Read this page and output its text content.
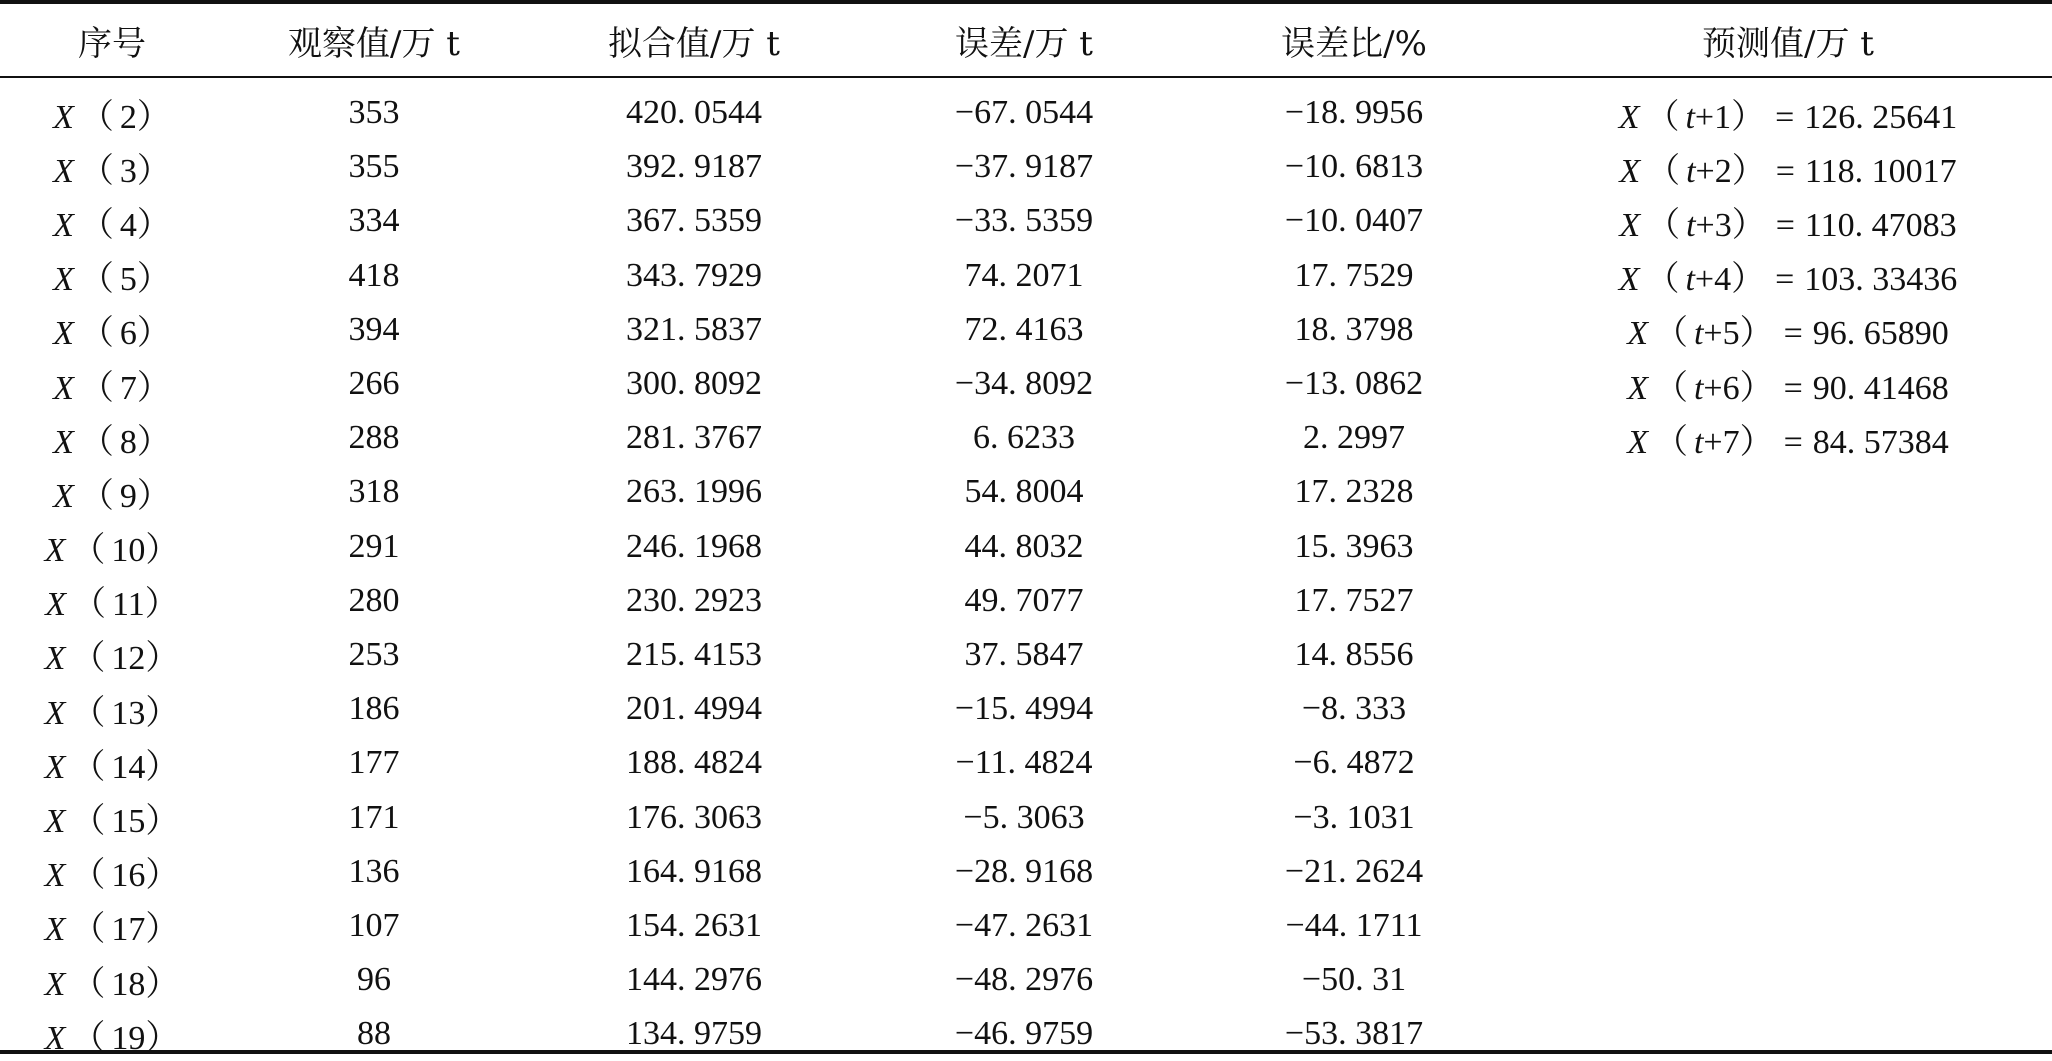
序号	观察值/万 t	拟合值/万 t	误差/万 t	误差比/%	预测值/万 t

X （ 2）	353	420. 0544	−67. 0544	−18. 9956	X （ t+1） = 126. 25641
X （ 3）	355	392. 9187	−37. 9187	−10. 6813	X （ t+2） = 118. 10017
X （ 4）	334	367. 5359	−33. 5359	−10. 0407	X （ t+3） = 110. 47083
X （ 5）	418	343. 7929	74. 2071	17. 7529	X （ t+4） = 103. 33436
X （ 6）	394	321. 5837	72. 4163	18. 3798	X （ t+5） = 96. 65890
X （ 7）	266	300. 8092	−34. 8092	−13. 0862	X （ t+6） = 90. 41468
X （ 8）	288	281. 3767	6. 6233	2. 2997	X （ t+7） = 84. 57384
X （ 9）	318	263. 1996	54. 8004	17. 2328	
X （ 10）	291	246. 1968	44. 8032	15. 3963	
X （ 11）	280	230. 2923	49. 7077	17. 7527	
X （ 12）	253	215. 4153	37. 5847	14. 8556	
X （ 13）	186	201. 4994	−15. 4994	−8. 333	
X （ 14）	177	188. 4824	−11. 4824	−6. 4872	
X （ 15）	171	176. 3063	−5. 3063	−3. 1031	
X （ 16）	136	164. 9168	−28. 9168	−21. 2624	
X （ 17）	107	154. 2631	−47. 2631	−44. 1711	
X （ 18）	96	144. 2976	−48. 2976	−50. 31	
X （ 19）	88	134. 9759	−46. 9759	−53. 3817	
